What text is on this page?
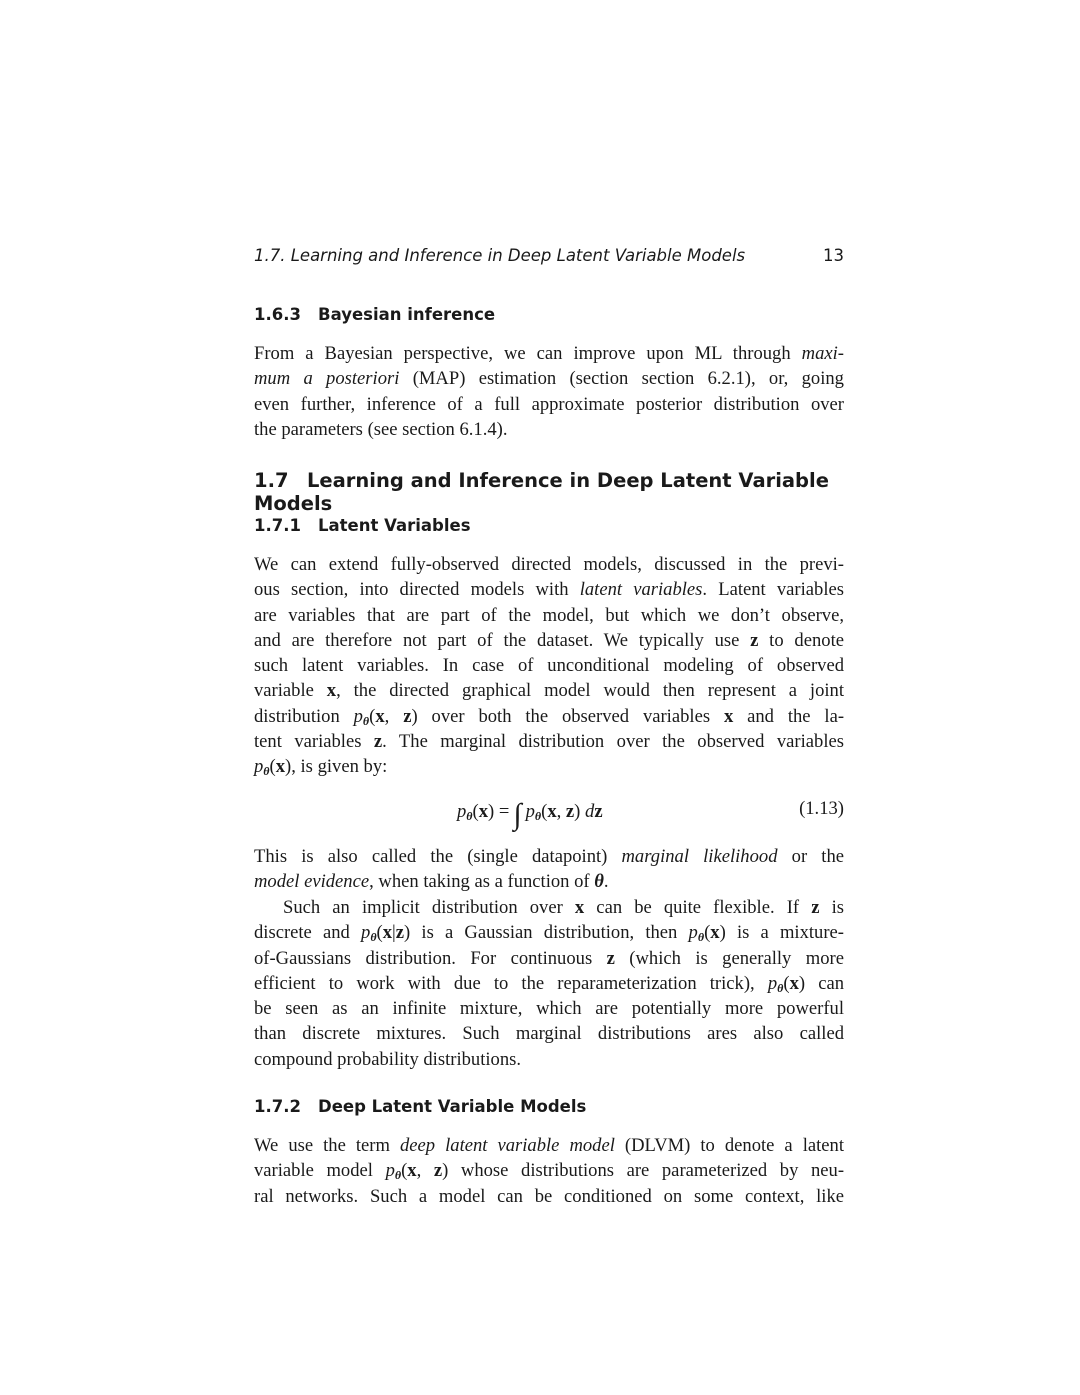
1.7. Learning and Inference in Deep Latent Variable Models	13
1.6.3 Bayesian inference
From a Bayesian perspective, we can improve upon ML through maxi-
mum a posteriori (MAP) estimation (section section 6.2.1), or, going
even further, inference of a full approximate posterior distribution over
the parameters (see section 6.1.4).
1.7 Learning and Inference in Deep Latent Variable Models
1.7.1 Latent Variables
We can extend fully-observed directed models, discussed in the previ-
ous section, into directed models with latent variables. Latent variables
are variables that are part of the model, but which we don’t observe,
and are therefore not part of the dataset. We typically use z to denote
such latent variables. In case of unconditional modeling of observed
variable x, the directed graphical model would then represent a joint
distribution $p_\theta(x$, z) over both the observed variables x and the la-
tent variables z. The marginal distribution over the observed variables
$p_\theta(x)$, is given by:
$p_\theta(x)$ = ∫ $p_\theta(x$, z) dz	(1.13)
This is also called the (single datapoint) marginal likelihood or the
model evidence, when taking as a function of θ.
Such an implicit distribution over x can be quite flexible. If z is
discrete and $p_\theta(x|z)$ is a Gaussian distribution, then $p_\theta(x)$ is a mixture-
of-Gaussians distribution. For continuous z (which is generally more
efficient to work with due to the reparameterization trick), $p_\theta(x)$ can
be seen as an infinite mixture, which are potentially more powerful
than discrete mixtures. Such marginal distributions ares also called
compound probability distributions.
1.7.2 Deep Latent Variable Models
We use the term deep latent variable model (DLVM) to denote a latent
variable model $p_\theta(x$, z) whose distributions are parameterized by neu-
ral networks. Such a model can be conditioned on some context, like
